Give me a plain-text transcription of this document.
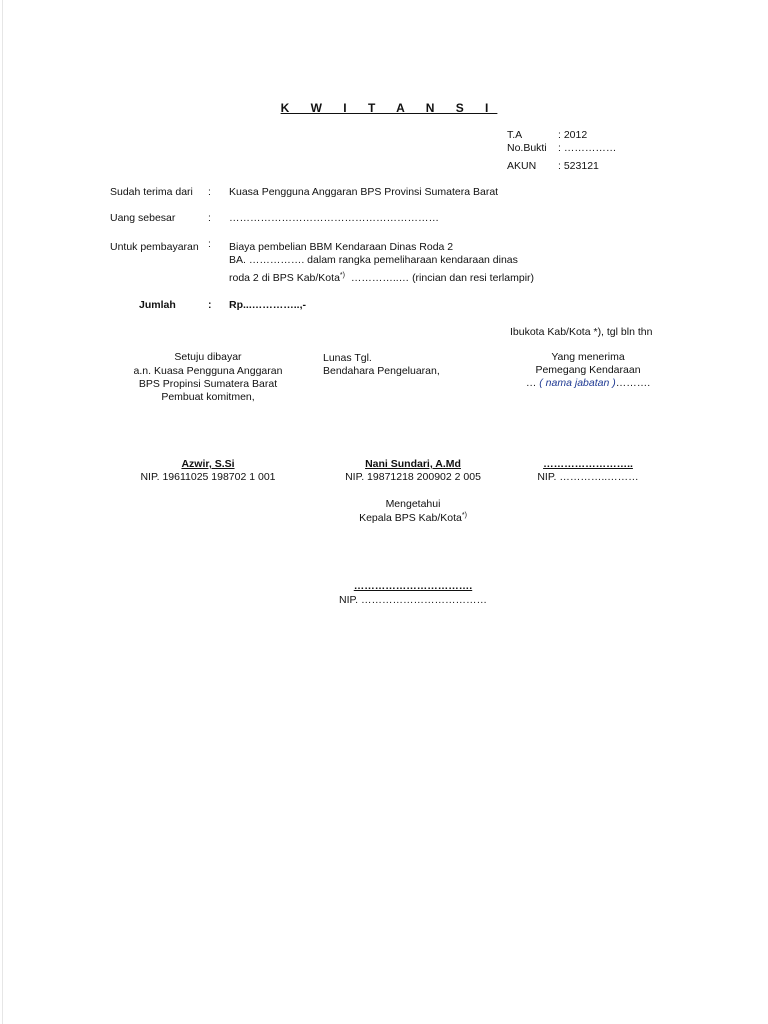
K W I T A N S I
T.A	: 2012
No.Bukti : ……………
AKUN : 523121
Sudah terima dari : Kuasa Pengguna Anggaran BPS Provinsi Sumatera Barat
Uang sebesar	: ……………………………………………………
Untuk pembayaran : Biaya pembelian BBM Kendaraan Dinas Roda 2
BA. ……………. dalam rangka pemeliharaan kendaraan dinas
roda 2 di BPS Kab/Kota*) …………..… (rincian dan resi terlampir)
Jumlah	: Rp...…………..,-
Ibukota Kab/Kota *), tgl bln thn
Setuju dibayar
a.n. Kuasa Pengguna Anggaran
BPS Propinsi Sumatera Barat
Pembuat komitmen,
Azwir, S.Si
NIP. 19611025 198702 1 001
Lunas Tgl.
Bendahara Pengeluaran,
Nani Sundari, A.Md
NIP. 19871218 200902 2 005
Yang menerima
Pemegang Kendaraan
… ( nama jabatan )……….
……………………..
NIP. …………..………
Mengetahui
Kepala BPS Kab/Kota*)
…………………………….
NIP. ………………………………
